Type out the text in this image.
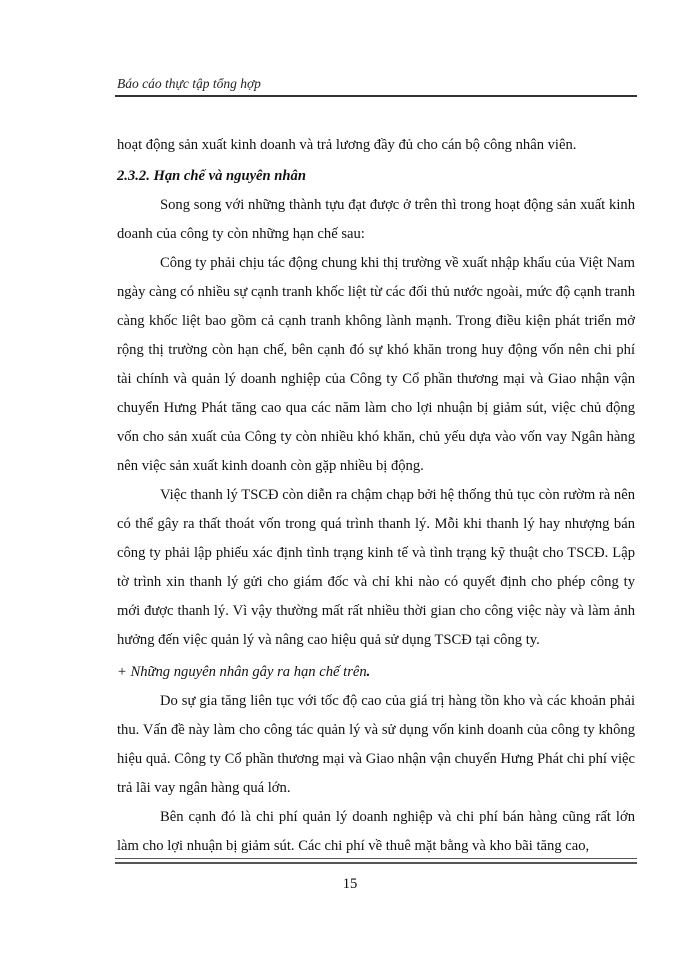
Báo cáo thực tập tổng hợp

hoạt động sản xuất kinh doanh và trả lương đầy đủ cho cán bộ công nhân viên.

2.3.2. Hạn chế và nguyên nhân

Song song với những thành tựu đạt được ở trên thì trong hoạt động sản xuất kinh doanh của công ty còn những hạn chế sau:

Công ty phải chịu tác động chung khi thị trường về xuất nhập khẩu của Việt Nam ngày càng có nhiều sự cạnh tranh khốc liệt từ các đối thủ nước ngoài, mức độ cạnh tranh càng khốc liệt bao gồm cả cạnh tranh không lành mạnh. Trong điều kiện phát triển mở rộng thị trường còn hạn chế, bên cạnh đó sự khó khăn trong huy động vốn nên chi phí tài chính và quản lý doanh nghiệp của Công ty Cổ phần thương mại và Giao nhận vận chuyển Hưng Phát tăng cao qua các năm làm cho lợi nhuận bị giảm sút, việc chủ động vốn cho sản xuất của Công ty còn nhiều khó khăn, chủ yếu dựa vào vốn vay Ngân hàng nên việc sản xuất kinh doanh còn gặp nhiều bị động.

Việc thanh lý TSCĐ còn diễn ra chậm chạp bởi hệ thống thủ tục còn rườm rà nên có thể gây ra thất thoát vốn trong quá trình thanh lý. Mỗi khi thanh lý hay nhượng bán công ty phải lập phiếu xác định tình trạng kinh tế và tình trạng kỹ thuật cho TSCĐ. Lập tờ trình xin thanh lý gửi cho giám đốc và chỉ khi nào có quyết định cho phép công ty mới được thanh lý. Vì vậy thường mất rất nhiều thời gian cho công việc này và làm ảnh hưởng đến việc quản lý và nâng cao hiệu quả sử dụng TSCĐ tại công ty.

+ Những nguyên nhân gây ra hạn chế trên.

Do sự gia tăng liên tục với tốc độ cao của giá trị hàng tồn kho và các khoản phải thu. Vấn đề này làm cho công tác quản lý và sử dụng vốn kinh doanh của công ty không hiệu quả. Công ty Cổ phần thương mại và Giao nhận vận chuyển Hưng Phát chi phí việc trả lãi vay ngân hàng quá lớn.

Bên cạnh đó là chi phí quản lý doanh nghiệp và chi phí bán hàng cũng rất lớn làm cho lợi nhuận bị giảm sút. Các chi phí về thuê mặt bằng và kho bãi tăng cao,

15
